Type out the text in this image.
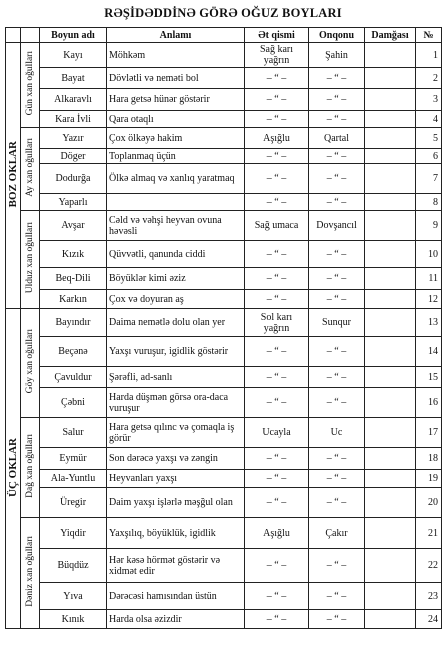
RƏŞİDƏDDİNƏ GÖRƏ OĞUZ BOYLARI
		Boyun adı	Anlamı	Ət qismi	Onqonu	Damğası	№
BOZ OKLAR	Gün xan oğulları	Kayı	Möhkəm	Sağ karı yağrın	Şahin		1
		Bayat	Dövlətli və neməti bol	– “ –	– “ –		2
		Alkaravlı	Hara getsə hünər göstərir	– “ –	– “ –		3
		Kara İvli	Qara otaqlı	– “ –	– “ –		4
	Ay xan oğulları	Yazır	Çox ölkəyə hakim	Aşığlu	Qartal		5
		Döger	Toplanmaq üçün	– “ –	– “ –		6
		Dodurğa	Ölkə almaq və xanlıq yaratmaq	– “ –	– “ –		7
		Yaparlı		– “ –	– “ –		8
	Ulduz xan oğulları	Avşar	Cəld və vəhşi heyvan ovuna həvəsli	Sağ umaca	Dovşancıl		9
		Kızık	Qüvvətli, qanunda ciddi	– “ –	– “ –		10
		Beq-Dili	Böyüklər kimi əziz	– “ –	– “ –		11
		Karkın	Çox və doyuran aş	– “ –	– “ –		12
ÜÇ OKLAR	Göy xan oğulları	Bayındır	Daima nemətlə dolu olan yer	Sol karı yağrın	Sunqur		13
		Beçənə	Yaxşı vuruşur, igidlik göstərir	– “ –	– “ –		14
		Çavuldur	Şərəfli, ad-sanlı	– “ –	– “ –		15
		Çəbni	Harda düşmən görsə ora-daca vuruşur	– “ –	– “ –		16
	Dağ xan oğulları	Salur	Hara getsə qılınc və çomaqla iş görür	Ucayla	Uc		17
		Eymür	Son dərəcə yaxşı və zəngin	– “ –	– “ –		18
		Ala-Yuntlu	Heyvanları yaxşı	– “ –	– “ –		19
		Üregir	Daim yaxşı işlərlə məşğul olan	– “ –	– “ –		20
	Dəniz xan oğulları	Yiqdir	Yaxşılıq, böyüklük, igidlik	Aşığlu	Çakır		21
		Büqdüz	Hər kəsə hörmət göstərir və xidmət edir	– “ –	– “ –		22
		Yıva	Dərəcəsi hamısından üstün	– “ –	– “ –		23
		Kınık	Harda olsa əzizdir	– “ –	– “ –		24
